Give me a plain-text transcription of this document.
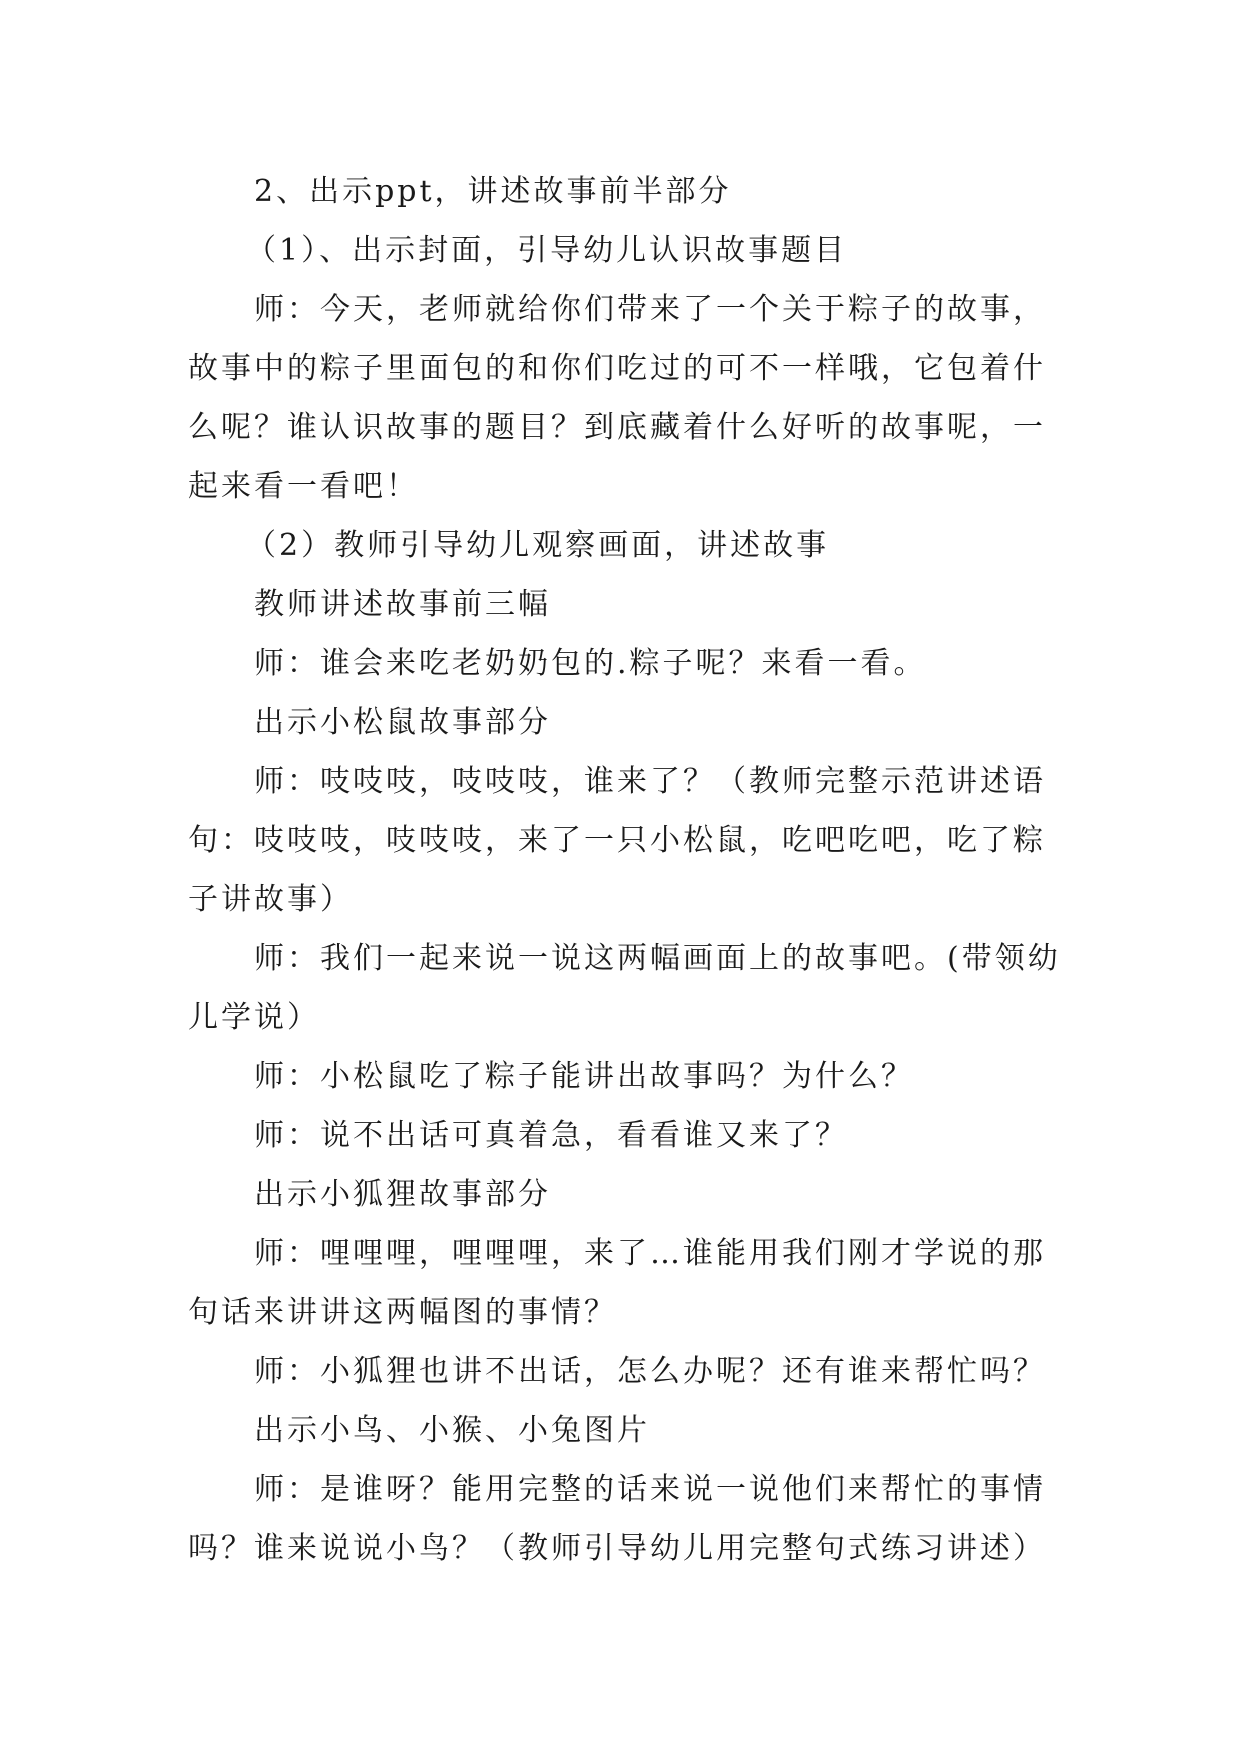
2、出示ppt，讲述故事前半部分

（1）、出示封面，引导幼儿认识故事题目

师：今天，老师就给你们带来了一个关于粽子的故事，故事中的粽子里面包的和你们吃过的可不一样哦，它包着什么呢？谁认识故事的题目？到底藏着什么好听的故事呢，一起来看一看吧！

（2）教师引导幼儿观察画面，讲述故事

教师讲述故事前三幅

师：谁会来吃老奶奶包的.粽子呢？来看一看。

出示小松鼠故事部分

师：吱吱吱，吱吱吱，谁来了？（教师完整示范讲述语句：吱吱吱，吱吱吱，来了一只小松鼠，吃吧吃吧，吃了粽子讲故事）

师：我们一起来说一说这两幅画面上的故事吧。(带领幼儿学说）

师：小松鼠吃了粽子能讲出故事吗？为什么？

师：说不出话可真着急，看看谁又来了？

出示小狐狸故事部分

师：哩哩哩，哩哩哩，来了…谁能用我们刚才学说的那句话来讲讲这两幅图的事情？

师：小狐狸也讲不出话，怎么办呢？还有谁来帮忙吗？

出示小鸟、小猴、小兔图片

师：是谁呀？能用完整的话来说一说他们来帮忙的事情吗？谁来说说小鸟？（教师引导幼儿用完整句式练习讲述）
